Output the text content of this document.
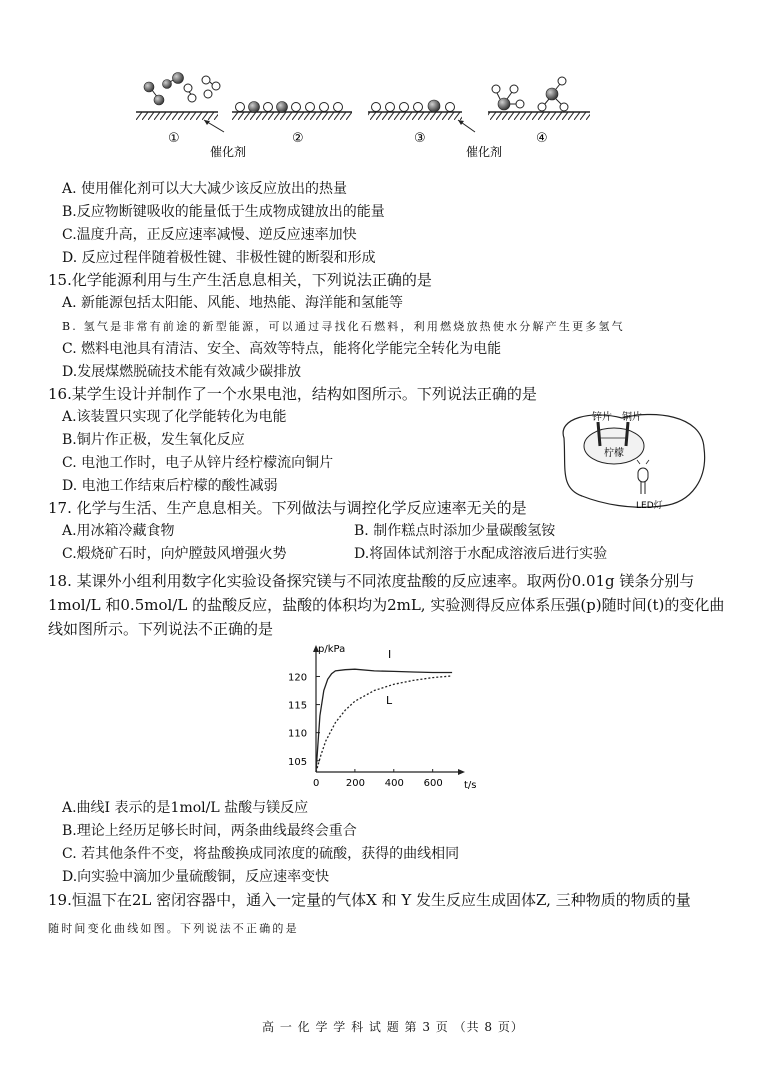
①	②	③	④
催化剂	催化剂
A. 使用催化剂可以大大减少该反应放出的热量
B.反应物断键吸收的能量低于生成物成键放出的能量
C.温度升高，正反应速率减慢、逆反应速率加快
D. 反应过程伴随着极性键、非极性键的断裂和形成
15.化学能源利用与生产生活息息相关，下列说法正确的是
A. 新能源包括太阳能、风能、地热能、海洋能和氢能等
B. 氢气是非常有前途的新型能源，可以通过寻找化石燃料，利用燃烧放热使水分解产生更多氢气
C. 燃料电池具有清洁、安全、高效等特点，能将化学能完全转化为电能
D.发展煤燃脱硫技术能有效减少碳排放
16.某学生设计并制作了一个水果电池，结构如图所示。下列说法正确的是
A.该装置只实现了化学能转化为电能
B.铜片作正极，发生氧化反应
C. 电池工作时，电子从锌片经柠檬流向铜片
D. 电池工作结束后柠檬的酸性减弱
锌片 铜片
柠檬
LED灯
17. 化学与生活、生产息息相关。下列做法与调控化学反应速率无关的是
A.用冰箱冷藏食物	B. 制作糕点时添加少量碳酸氢铵
C.煅烧矿石时，向炉膛鼓风增强火势	D.将固体试剂溶于水配成溶液后进行实验
18. 某课外小组利用数字化实验设备探究镁与不同浓度盐酸的反应速率。取两份0.01g 镁条分别与
1mol/L 和0.5mol/L 的盐酸反应，盐酸的体积均为2mL, 实验测得反应体系压强(p)随时间(t)的变化曲
线如图所示。下列说法不正确的是
p/kPa
t/s
105
110
115
120
0	200 400 600
I
L
A.曲线I 表示的是1mol/L 盐酸与镁反应
B.理论上经历足够长时间，两条曲线最终会重合
C. 若其他条件不变，将盐酸换成同浓度的硫酸，获得的曲线相同
D.向实验中滴加少量硫酸铜，反应速率变快
19.恒温下在2L 密闭容器中，通入一定量的气体X 和 Y 发生反应生成固体Z, 三种物质的物质的量
随时间变化曲线如图。下列说法不正确的是
高 一 化 学 学 科 试 题 第 3 页 （共 8 页）
